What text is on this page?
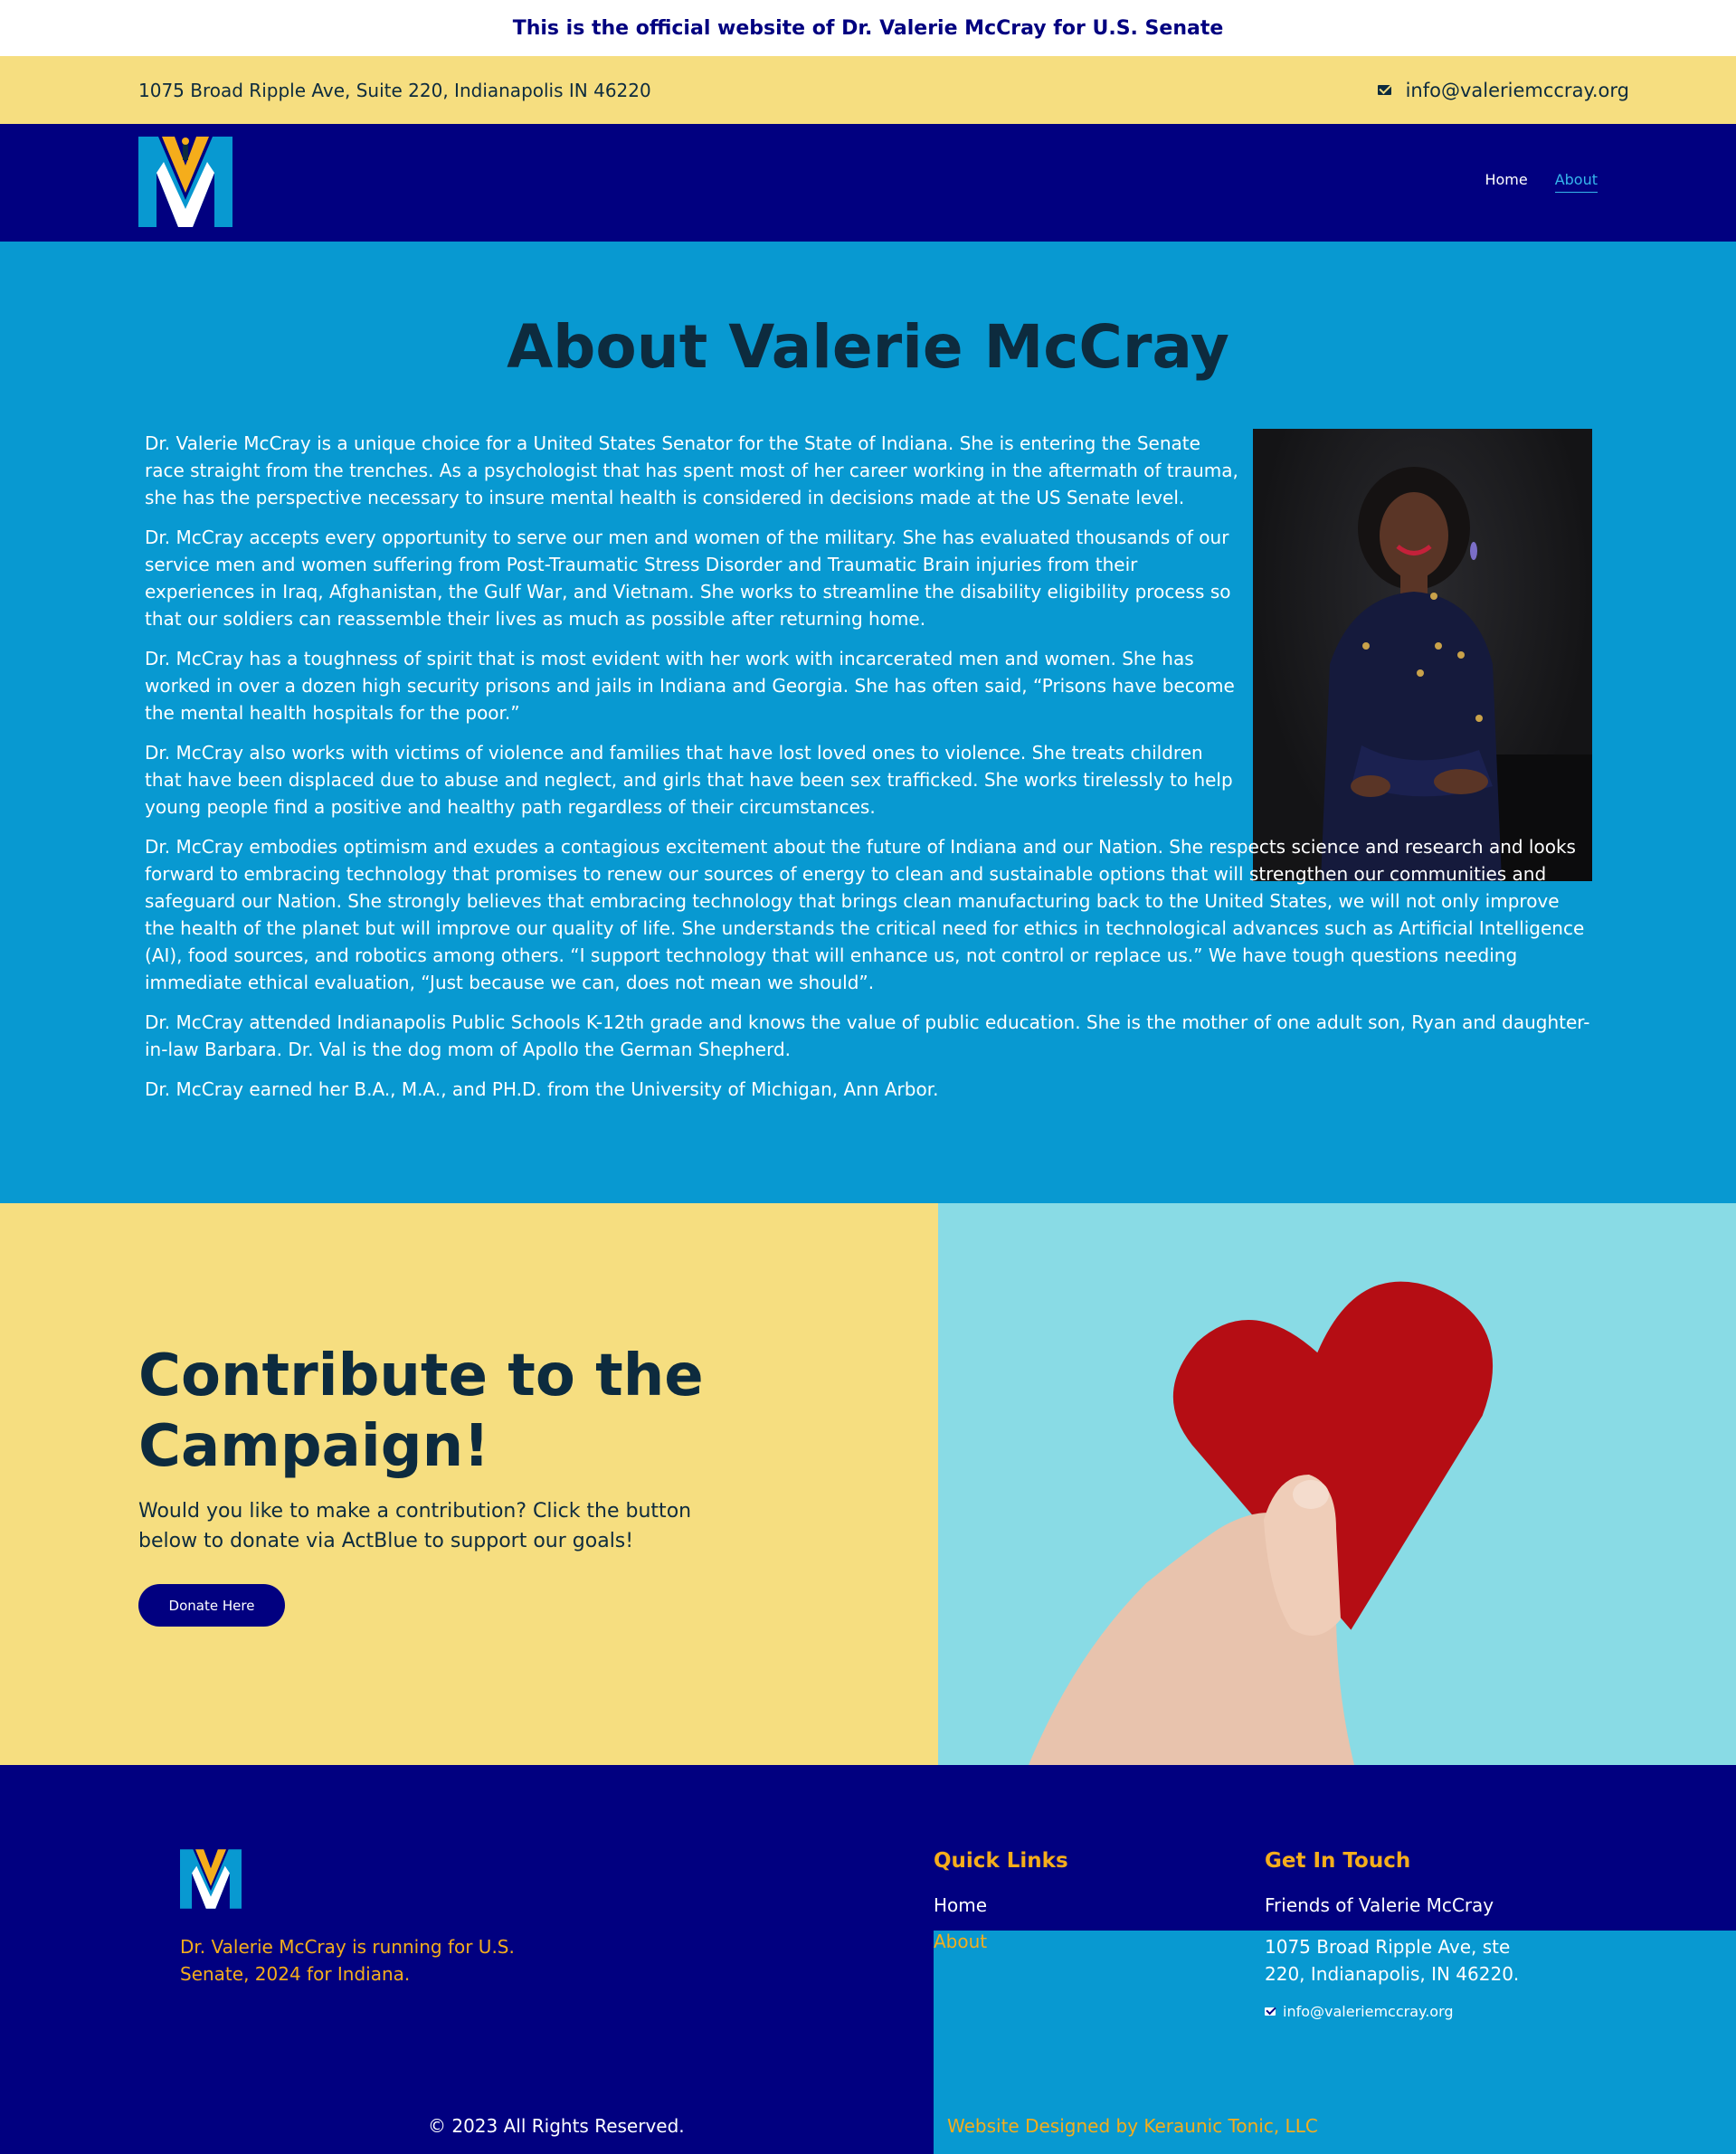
This is the official website of Dr. Valerie McCray for U.S. Senate
1075 Broad Ripple Ave, Suite 220, Indianapolis IN 46220	info@valeriemccray.org
Home About
About Valerie McCray

Dr. Valerie McCray is a unique choice for a United States Senator for the State of Indiana. She is entering the Senate race straight from the trenches. As a psychologist that has spent most of her career working in the aftermath of trauma, she has the perspective necessary to insure mental health is considered in decisions made at the US Senate level.

Dr. McCray accepts every opportunity to serve our men and women of the military. She has evaluated thousands of our service men and women suffering from Post-Traumatic Stress Disorder and Traumatic Brain injuries from their experiences in Iraq, Afghanistan, the Gulf War, and Vietnam. She works to streamline the disability eligibility process so that our soldiers can reassemble their lives as much as possible after returning home.

Dr. McCray has a toughness of spirit that is most evident with her work with incarcerated men and women. She has worked in over a dozen high security prisons and jails in Indiana and Georgia. She has often said, “Prisons have become the mental health hospitals for the poor.”

Dr. McCray also works with victims of violence and families that have lost loved ones to violence. She treats children that have been displaced due to abuse and neglect, and girls that have been sex trafficked. She works tirelessly to help young people find a positive and healthy path regardless of their circumstances.

Dr. McCray embodies optimism and exudes a contagious excitement about the future of Indiana and our Nation. She respects science and research and looks forward to embracing technology that promises to renew our sources of energy to clean and sustainable options that will strengthen our communities and safeguard our Nation. She strongly believes that embracing technology that brings clean manufacturing back to the United States, we will not only improve the health of the planet but will improve our quality of life. She understands the critical need for ethics in technological advances such as Artificial Intelligence (AI), food sources, and robotics among others. “I support technology that will enhance us, not control or replace us.” We have tough questions needing immediate ethical evaluation, “Just because we can, does not mean we should”.

Dr. McCray attended Indianapolis Public Schools K-12th grade and knows the value of public education. She is the mother of one adult son, Ryan and daughter-in-law Barbara. Dr. Val is the dog mom of Apollo the German Shepherd.

Dr. McCray earned her B.A., M.A., and PH.D. from the University of Michigan, Ann Arbor.

Contribute to the Campaign!

Would you like to make a contribution? Click the button below to donate via ActBlue to support our goals!

Donate Here

Dr. Valerie McCray is running for U.S. Senate, 2024 for Indiana.

Quick Links
Home
About
Get In Touch
Friends of Valerie McCray
1075 Broad Ripple Ave, ste 220, Indianapolis, IN 46220.
info@valeriemccray.org
© 2023 All Rights Reserved.	Website Designed by Keraunic Tonic, LLC
